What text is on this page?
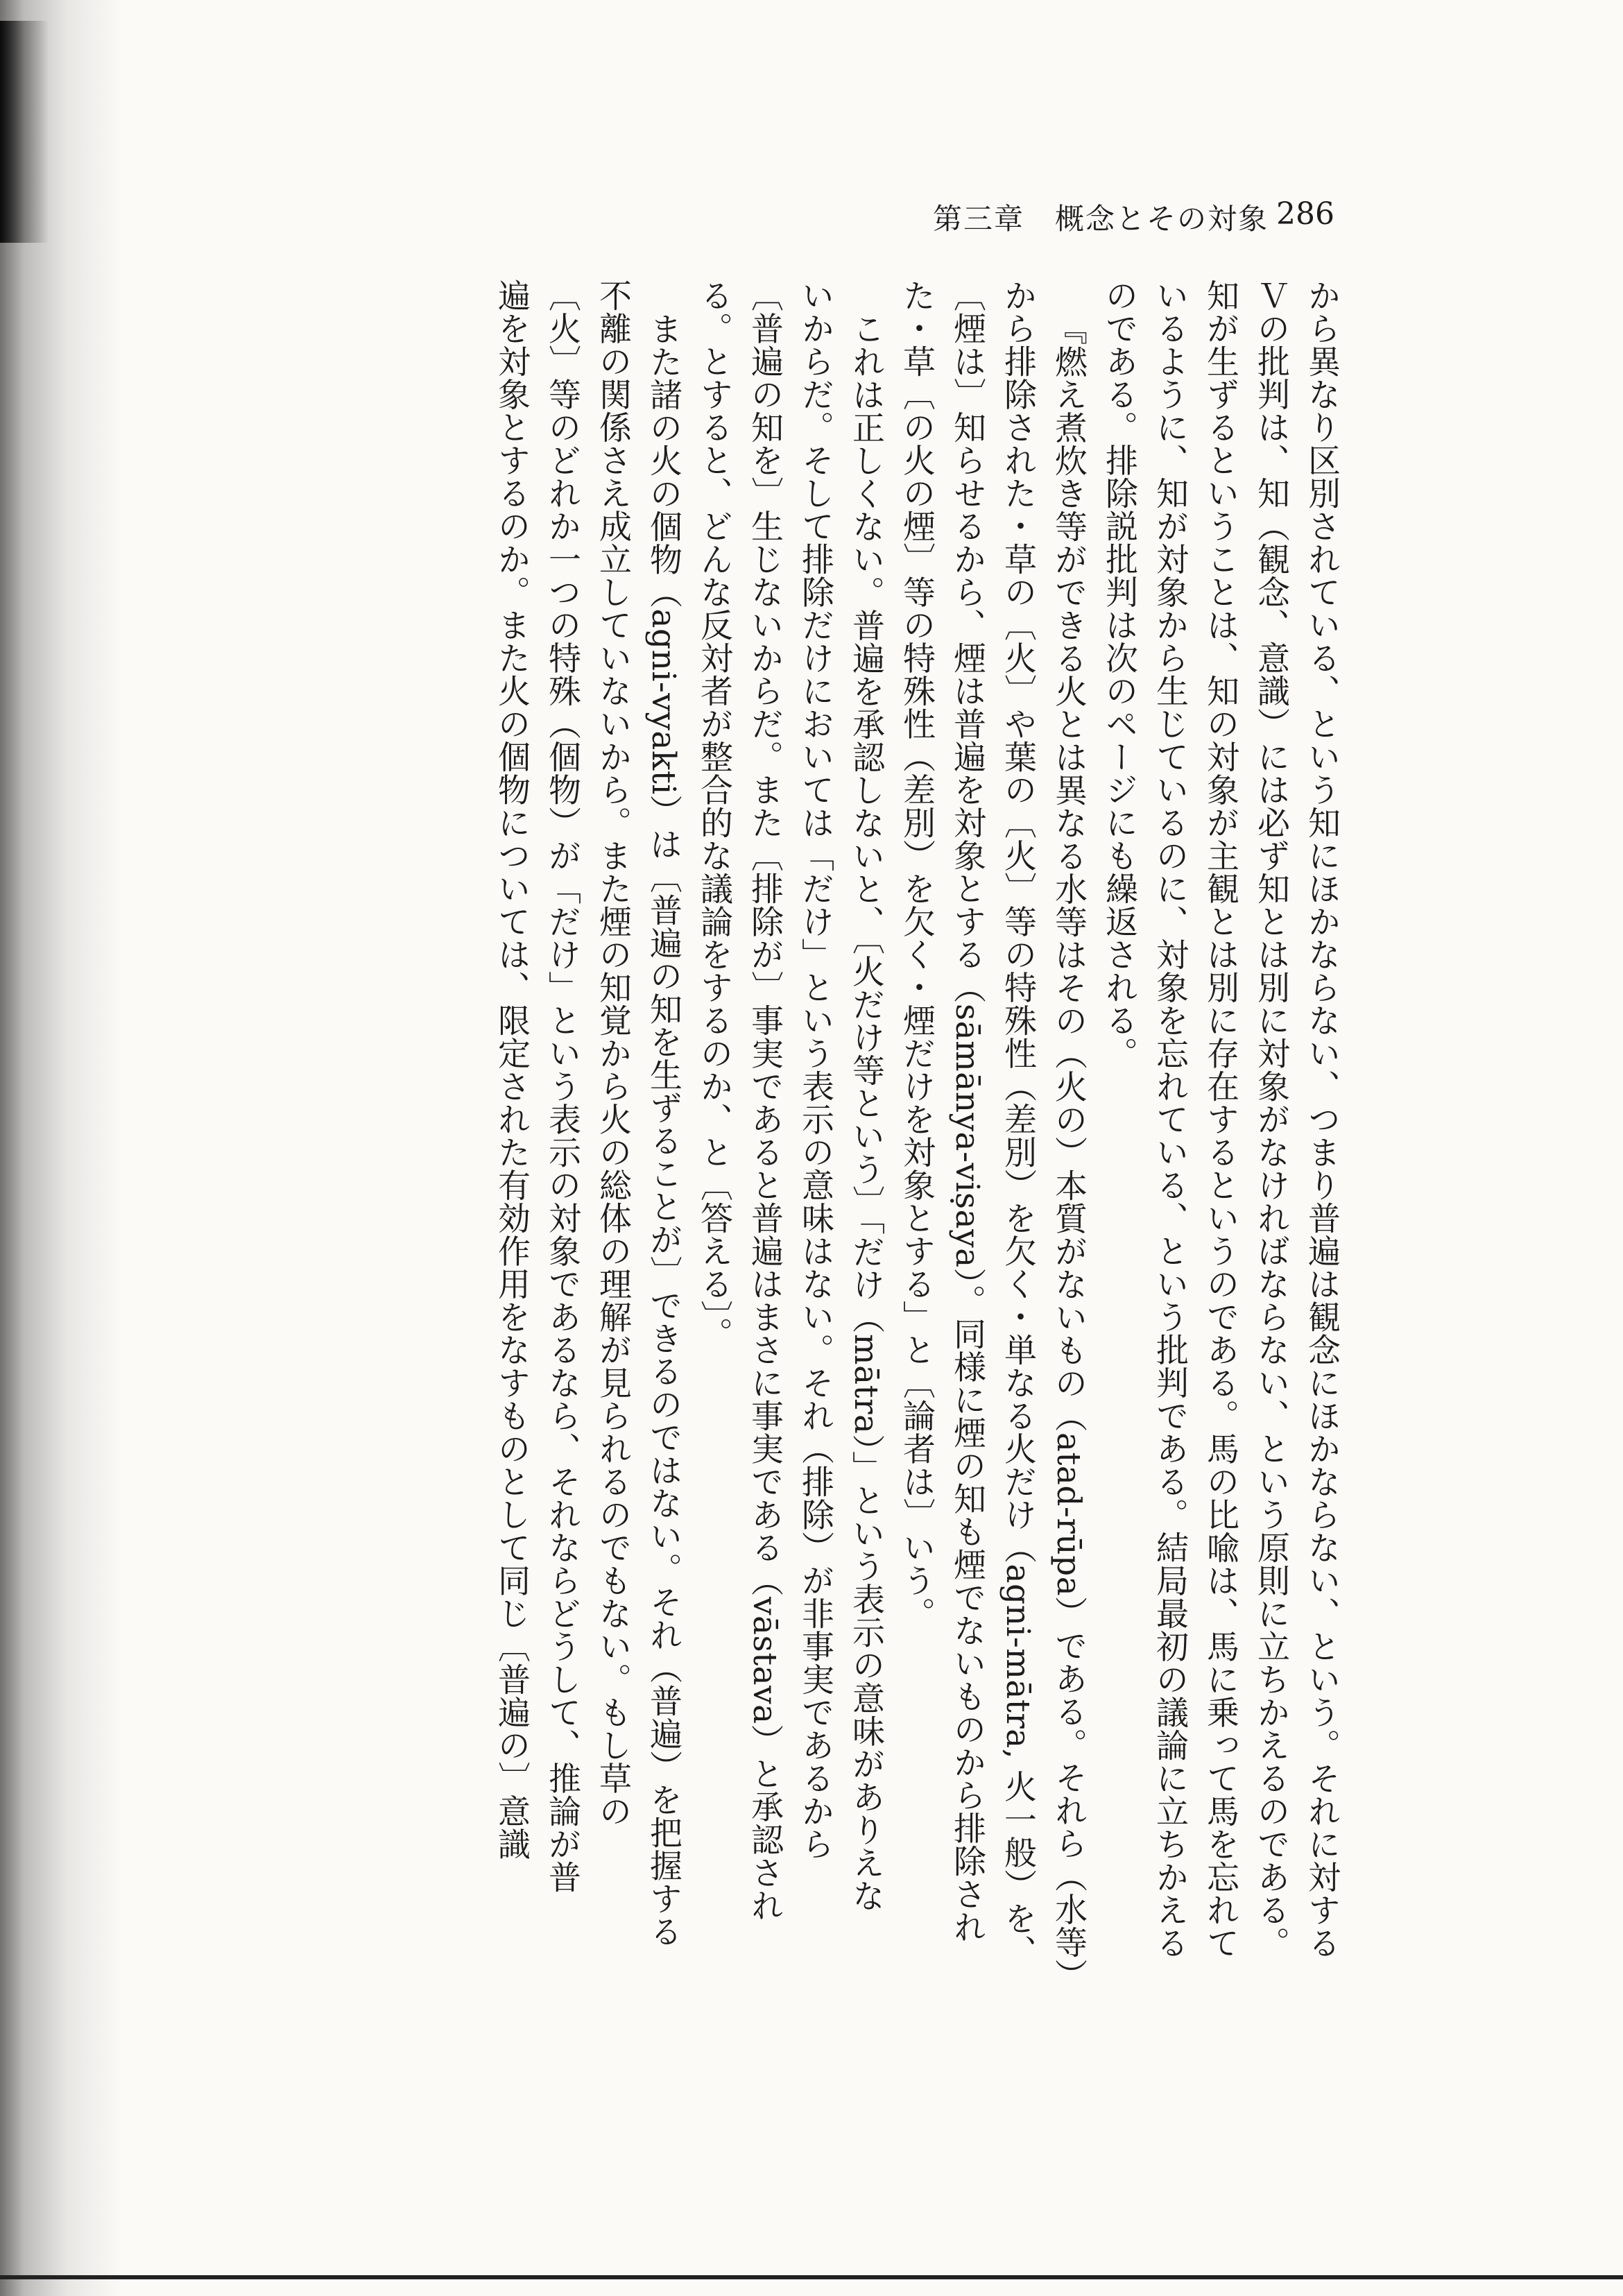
第三章　概念とその対象 286

から異なり区別されている、という知にほかならない、つまり普遍は観念にほかならない、という。それに対する

Ｖの批判は、知（観念、意識）には必ず知とは別に対象がなければならない、という原則に立ちかえるのである。

知が生ずるということは、知の対象が主観とは別に存在するというのである。馬の比喩は、馬に乗って馬を忘れて

いるように、知が対象から生じているのに、対象を忘れている、という批判である。結局最初の議論に立ちかえる

のである。排除説批判は次のページにも繰返される。

『燃え煮炊き等ができる火とは異なる水等はその（火の）本質がないもの（atad-rūpa）である。それら（水等）

から排除された・草の〔火〕や葉の〔火〕等の特殊性（差別）を欠く・単なる火だけ（agni-mātra, 火一般）を、

〔煙は〕知らせるから、煙は普遍を対象とする（sāmānya-viṣaya）。同様に煙の知も煙でないものから排除され

た・草〔の火の煙〕等の特殊性（差別）を欠く・煙だけを対象とする」と〔論者は〕いう。

これは正しくない。普遍を承認しないと、〔火だけ等という〕「だけ（mātra）」という表示の意味がありえな

いからだ。そして排除だけにおいては「だけ」という表示の意味はない。それ（排除）が非事実であるから

〔普遍の知を〕生じないからだ。また〔排除が〕事実であると普遍はまさに事実である（vāstava）と承認され

る。とすると、どんな反対者が整合的な議論をするのか、と〔答える〕。

また諸の火の個物（agni-vyakti）は〔普遍の知を生ずることが〕できるのではない。それ（普遍）を把握する

不離の関係さえ成立していないから。また煙の知覚から火の総体の理解が見られるのでもない。もし草の

〔火〕等のどれか一つの特殊（個物）が「だけ」という表示の対象であるなら、それならどうして、推論が普

遍を対象とするのか。また火の個物については、限定された有効作用をなすものとして同じ〔普遍の〕意識
